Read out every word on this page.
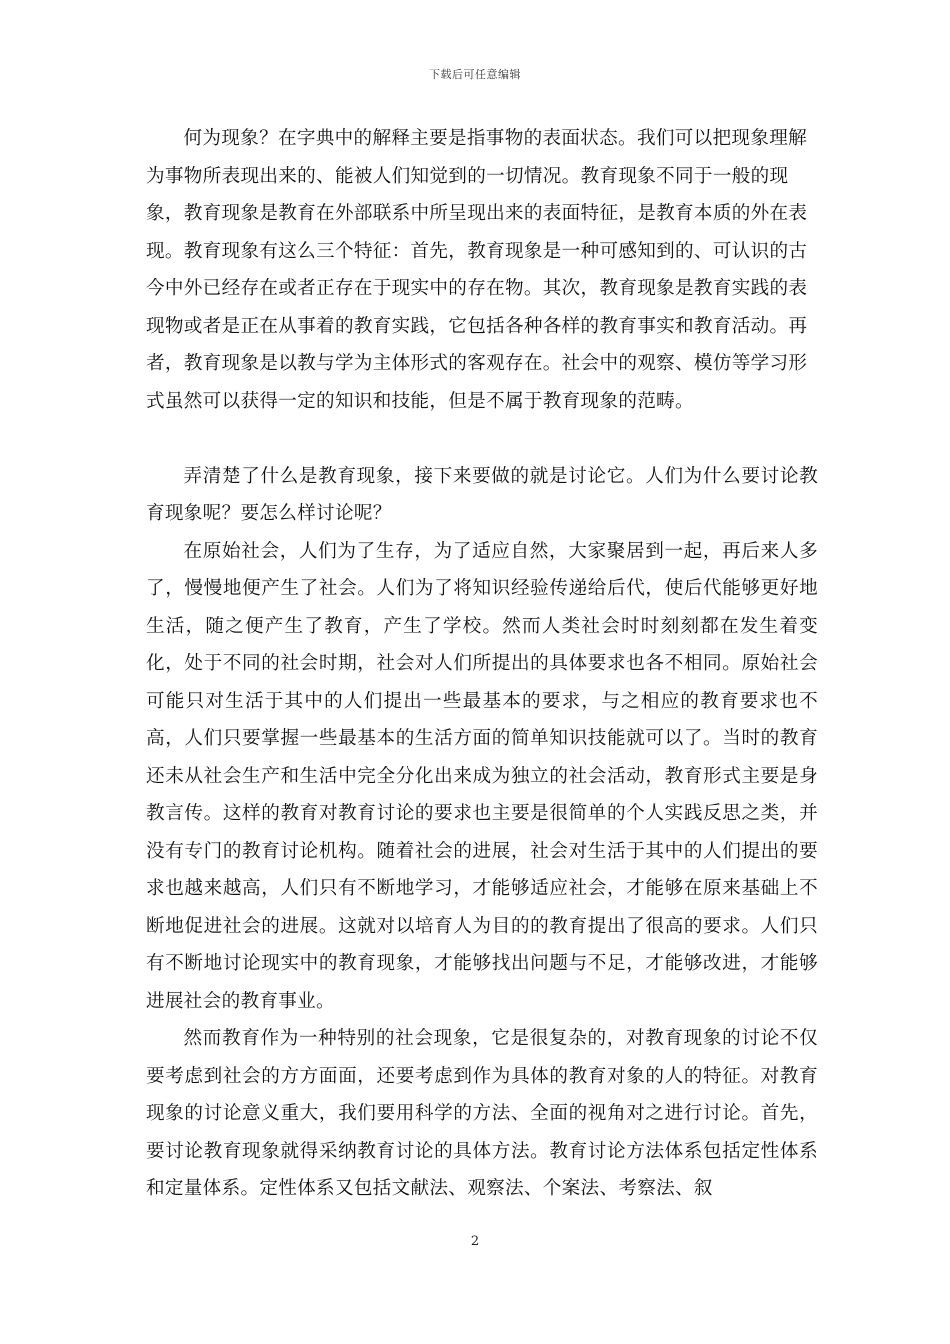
下载后可任意编辑

何为现象？在字典中的解释主要是指事物的表面状态。我们可以把现象理解为事物所表现出来的、能被人们知觉到的一切情况。教育现象不同于一般的现象，教育现象是教育在外部联系中所呈现出来的表面特征，是教育本质的外在表现。教育现象有这么三个特征：首先，教育现象是一种可感知到的、可认识的古今中外已经存在或者正存在于现实中的存在物。其次，教育现象是教育实践的表现物或者是正在从事着的教育实践，它包括各种各样的教育事实和教育活动。再者，教育现象是以教与学为主体形式的客观存在。社会中的观察、模仿等学习形式虽然可以获得一定的知识和技能，但是不属于教育现象的范畴。

弄清楚了什么是教育现象，接下来要做的就是讨论它。人们为什么要讨论教育现象呢？要怎么样讨论呢？

在原始社会，人们为了生存，为了适应自然，大家聚居到一起，再后来人多了，慢慢地便产生了社会。人们为了将知识经验传递给后代，使后代能够更好地生活，随之便产生了教育，产生了学校。然而人类社会时时刻刻都在发生着变化，处于不同的社会时期，社会对人们所提出的具体要求也各不相同。原始社会可能只对生活于其中的人们提出一些最基本的要求，与之相应的教育要求也不高，人们只要掌握一些最基本的生活方面的简单知识技能就可以了。当时的教育还未从社会生产和生活中完全分化出来成为独立的社会活动，教育形式主要是身教言传。这样的教育对教育讨论的要求也主要是很简单的个人实践反思之类，并没有专门的教育讨论机构。随着社会的进展，社会对生活于其中的人们提出的要求也越来越高，人们只有不断地学习，才能够适应社会，才能够在原来基础上不断地促进社会的进展。这就对以培育人为目的的教育提出了很高的要求。人们只有不断地讨论现实中的教育现象，才能够找出问题与不足，才能够改进，才能够进展社会的教育事业。

然而教育作为一种特别的社会现象，它是很复杂的，对教育现象的讨论不仅要考虑到社会的方方面面，还要考虑到作为具体的教育对象的人的特征。对教育现象的讨论意义重大，我们要用科学的方法、全面的视角对之进行讨论。首先，要讨论教育现象就得采纳教育讨论的具体方法。教育讨论方法体系包括定性体系和定量体系。定性体系又包括文献法、观察法、个案法、考察法、叙

2
